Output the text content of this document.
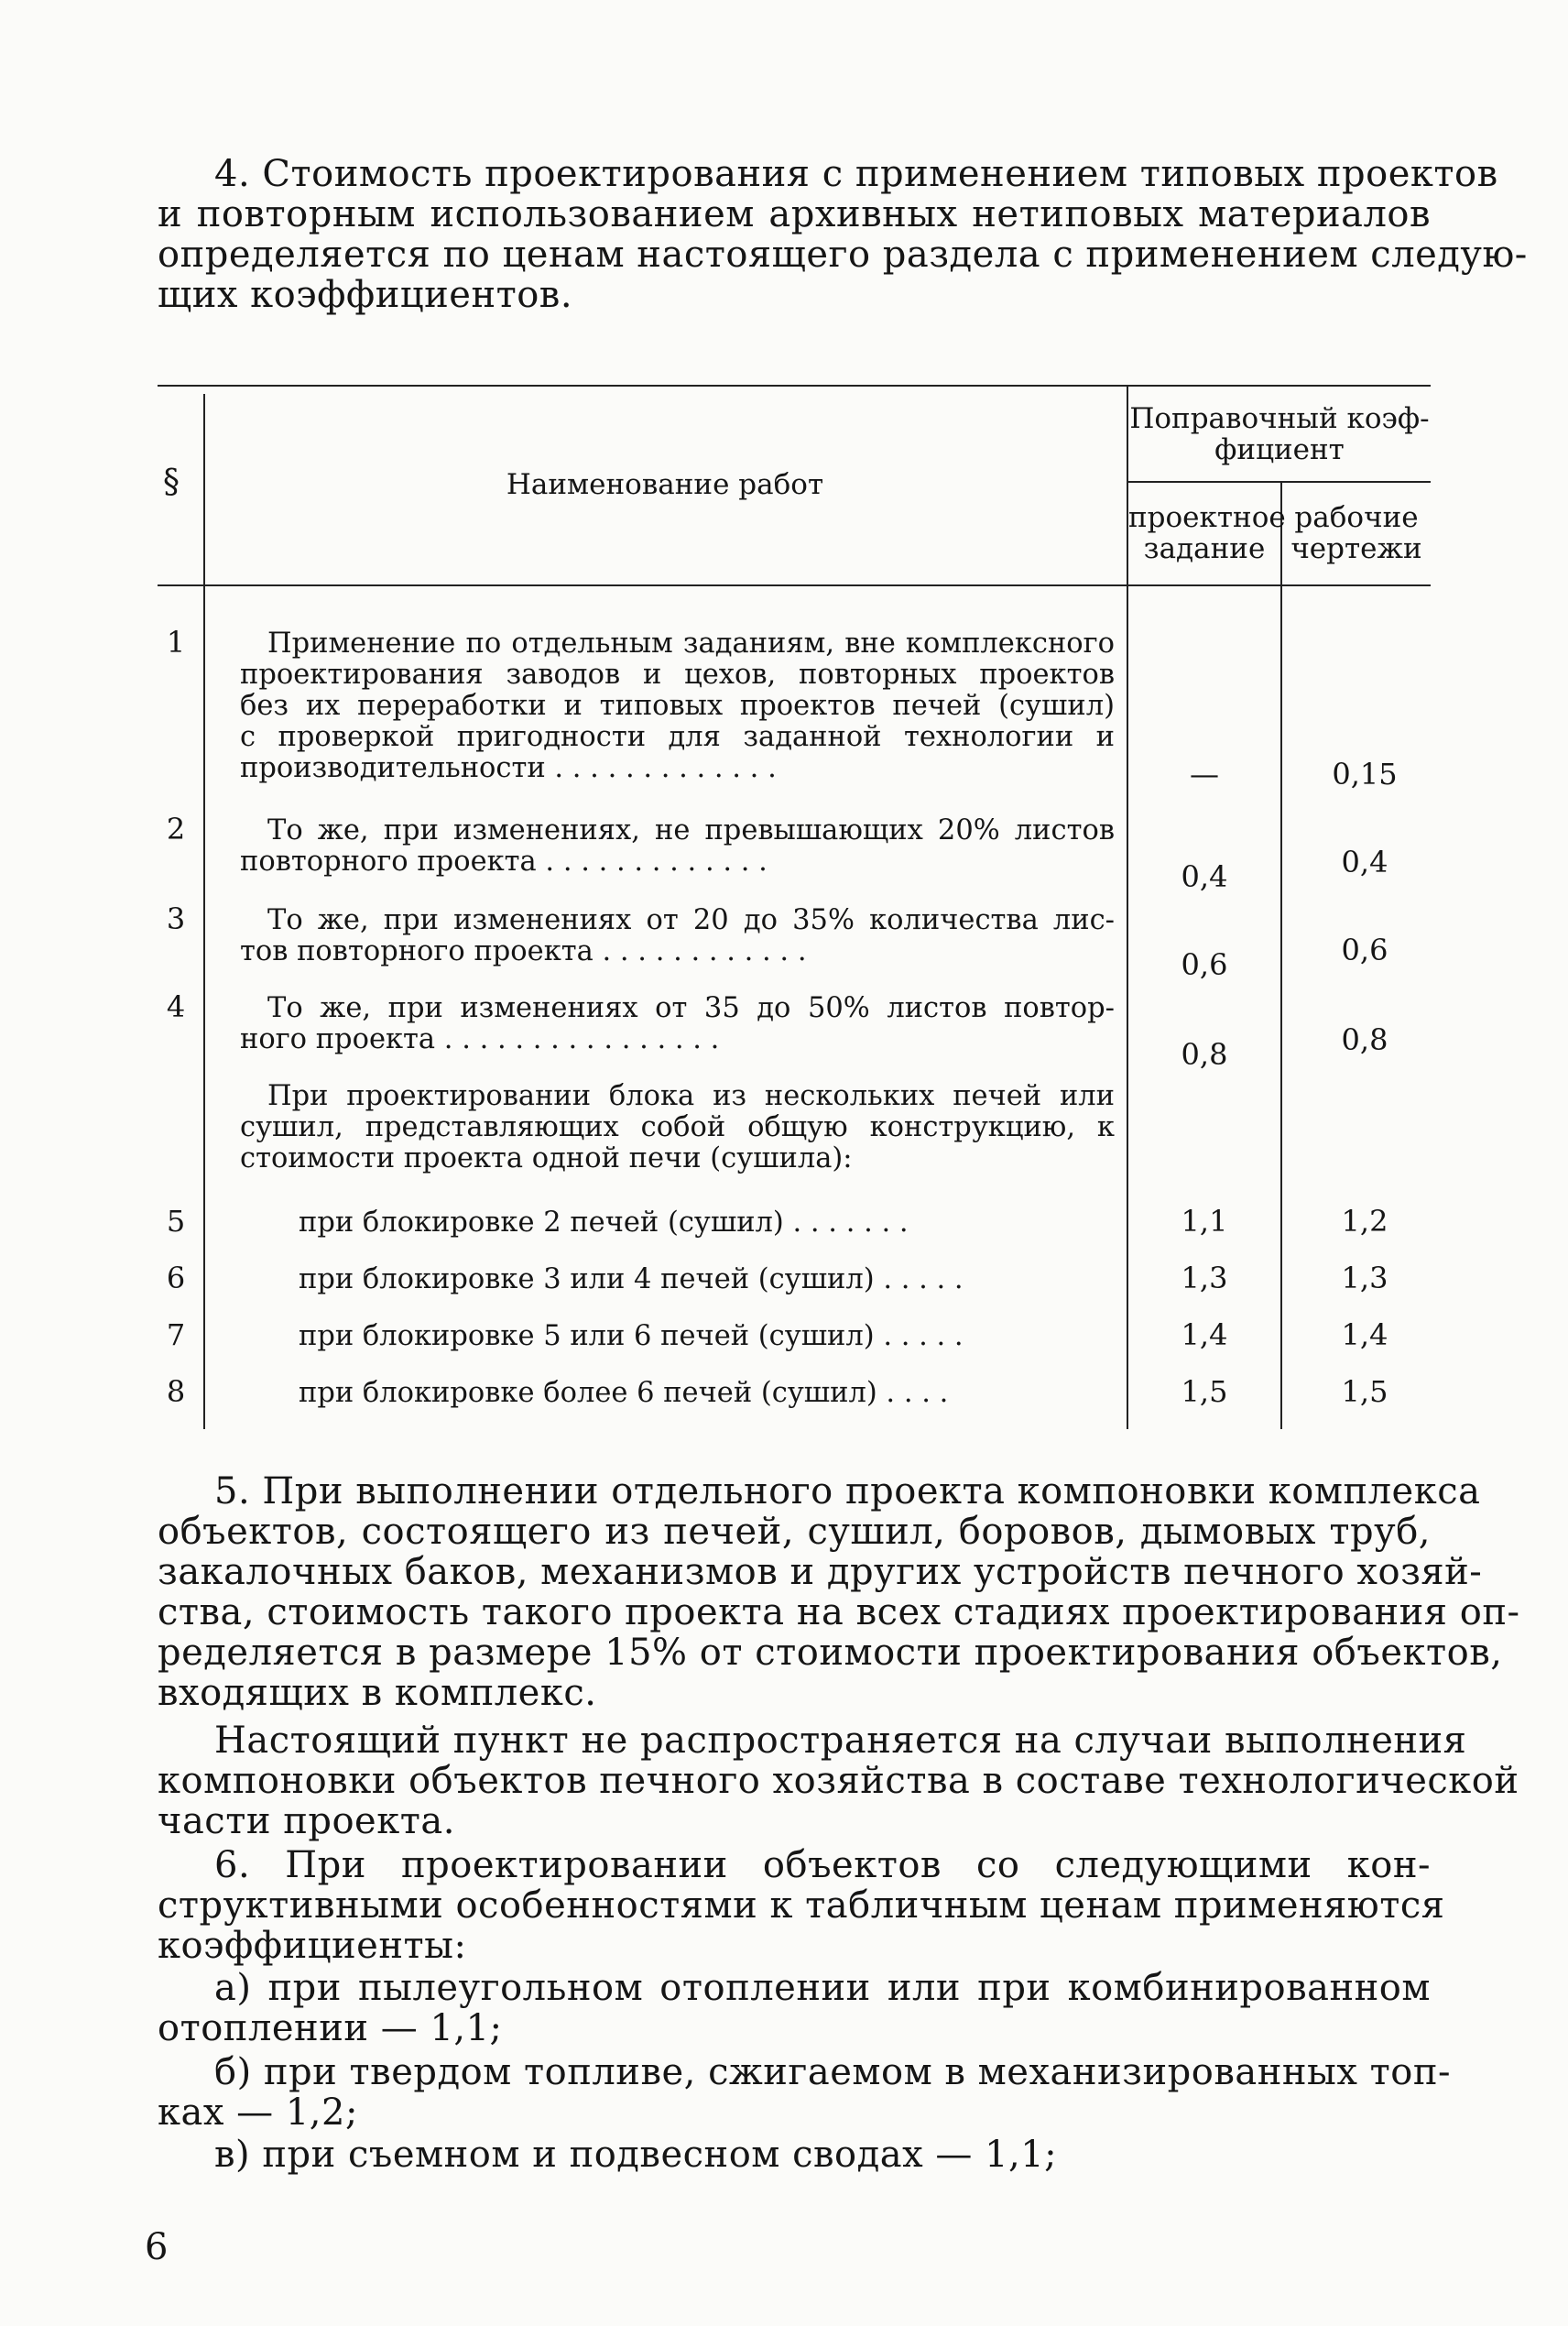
4. Стоимость проектирования с применением типовых проектов
и повторным использованием архивных нетиповых материалов
определяется по ценам настоящего раздела с применением следую-
щих коэффициентов.
§	Наименование работ
Поправочный коэф-
фициент
проектное
задание
рабочие
чертежи
1	Применение по отдельным заданиям, вне комплексного
проектирования заводов и цехов, повторных проектов
без их переработки и типовых проектов печей (сушил)
с проверкой пригодности для заданной технологии и
производительности . . . . . . . . . . . . .	—	0,15
2	То же, при изменениях, не превышающих 20% листов
повторного проекта . . . . . . . . . . . . .	0,4	0,4
3	То же, при изменениях от 20 до 35% количества лис-
тов повторного проекта . . . . . . . . . . . .	0,6	0,6
4	То же, при изменениях от 35 до 50% листов повтор-
ного проекта . . . . . . . . . . . . . . . .	0,8	0,8
При проектировании блока из нескольких печей или
сушил, представляющих собой общую конструкцию, к
стоимости проекта одной печи (сушила):
5	при блокировке 2 печей (сушил) . . . . . . .	1,1	1,2
6	при блокировке 3 или 4 печей (сушил) . . . . .	1,3	1,3
7	при блокировке 5 или 6 печей (сушил) . . . . .	1,4	1,4
8	при блокировке более 6 печей (сушил) . . . .	1,5	1,5
5. При выполнении отдельного проекта компоновки комплекса
объектов, состоящего из печей, сушил, боровов, дымовых труб,
закалочных баков, механизмов и других устройств печного хозяй-
ства, стоимость такого проекта на всех стадиях проектирования оп-
ределяется в размере 15% от стоимости проектирования объектов,
входящих в комплекс.
Настоящий пункт не распространяется на случаи выполнения
компоновки объектов печного хозяйства в составе технологической
части проекта.
6. При проектировании объектов со следующими кон-
структивными особенностями к табличным ценам применяются
коэффициенты:
а) при пылеугольном отоплении или при комбинированном
отоплении — 1,1;
б) при твердом топливе, сжигаемом в механизированных топ-
ках — 1,2;
в) при съемном и подвесном сводах — 1,1;
6
